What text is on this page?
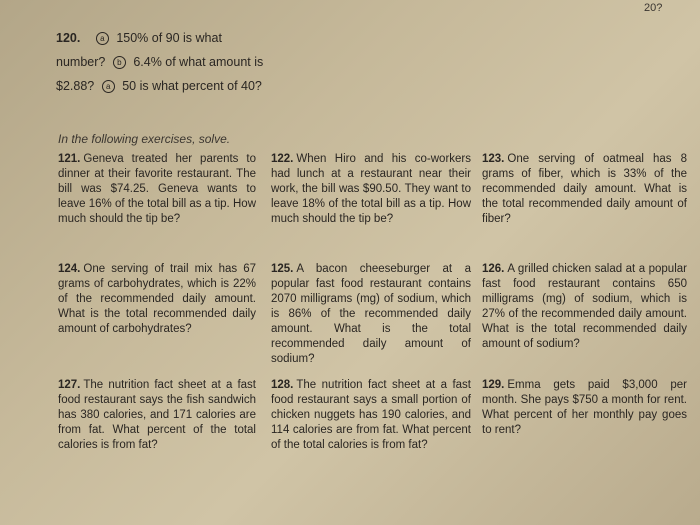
20?
120. a 150% of 90 is what number? b 6.4% of what amount is $2.88? a 50 is what percent of 40?
In the following exercises, solve.
121. Geneva treated her parents to dinner at their favorite restaurant. The bill was $74.25. Geneva wants to leave 16% of the total bill as a tip. How much should the tip be?
122. When Hiro and his co-workers had lunch at a restaurant near their work, the bill was $90.50. They want to leave 18% of the total bill as a tip. How much should the tip be?
123. One serving of oatmeal has 8 grams of fiber, which is 33% of the recommended daily amount. What is the total recommended daily amount of fiber?
124. One serving of trail mix has 67 grams of carbohydrates, which is 22% of the recommended daily amount. What is the total recommended daily amount of carbohydrates?
125. A bacon cheeseburger at a popular fast food restaurant contains 2070 milligrams (mg) of sodium, which is 86% of the recommended daily amount. What is the total recommended daily amount of sodium?
126. A grilled chicken salad at a popular fast food restaurant contains 650 milligrams (mg) of sodium, which is 27% of the recommended daily amount. What is the total recommended daily amount of sodium?
127. The nutrition fact sheet at a fast food restaurant says the fish sandwich has 380 calories, and 171 calories are from fat. What percent of the total calories is from fat?
128. The nutrition fact sheet at a fast food restaurant says a small portion of chicken nuggets has 190 calories, and 114 calories are from fat. What percent of the total calories is from fat?
129. Emma gets paid $3,000 per month. She pays $750 a month for rent. What percent of her monthly pay goes to rent?
